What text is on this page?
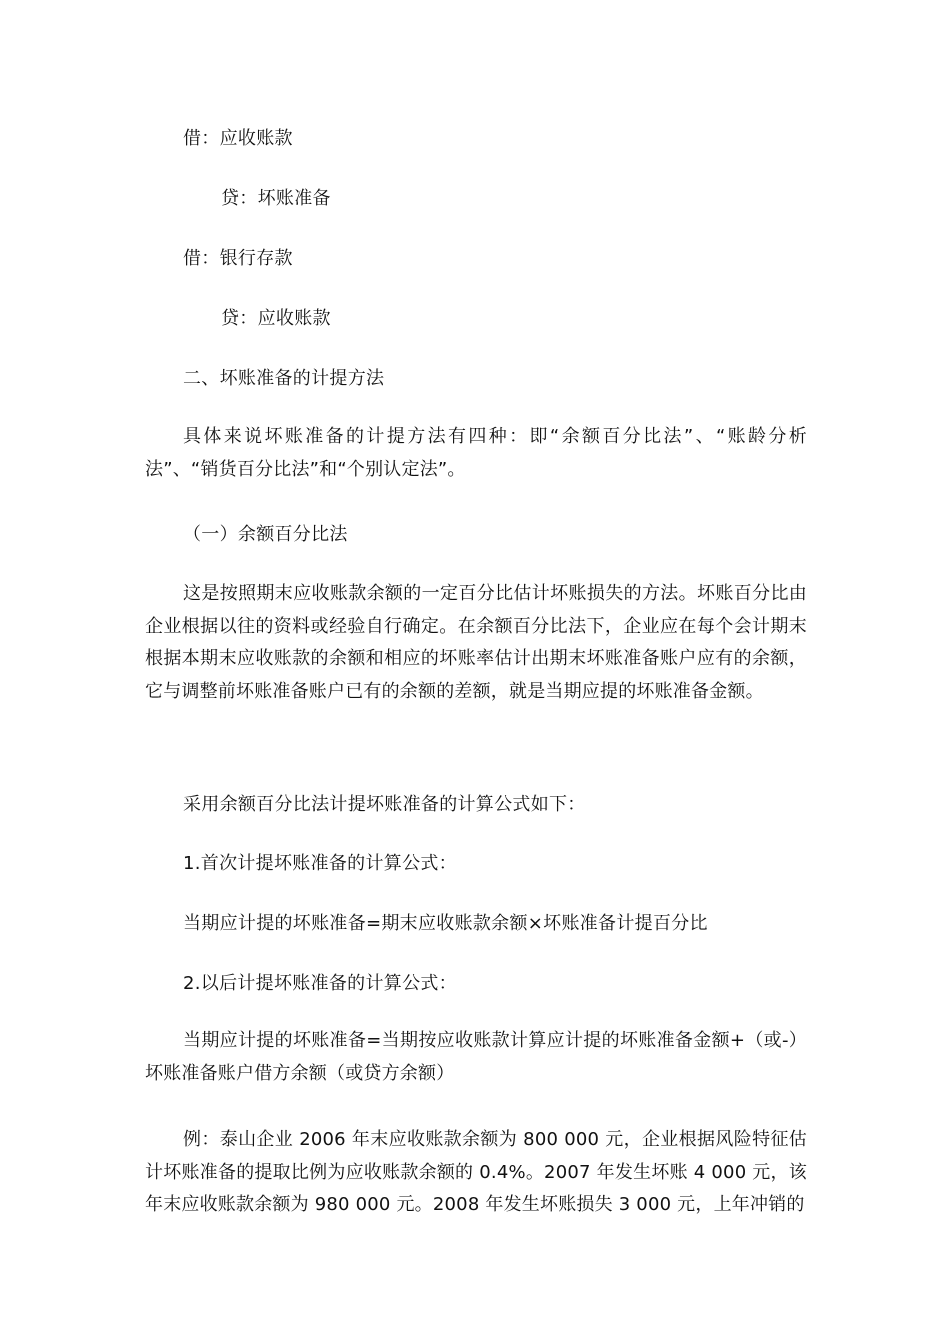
借：应收账款
贷：坏账准备
借：银行存款
贷：应收账款
二、坏账准备的计提方法
具体来说坏账准备的计提方法有四种：即“余额百分比法”、“账龄分析法”、“销货百分比法”和“个别认定法”。
（一）余额百分比法
这是按照期末应收账款余额的一定百分比估计坏账损失的方法。坏账百分比由企业根据以往的资料或经验自行确定。在余额百分比法下，企业应在每个会计期末根据本期末应收账款的余额和相应的坏账率估计出期末坏账准备账户应有的余额，它与调整前坏账准备账户已有的余额的差额，就是当期应提的坏账准备金额。
采用余额百分比法计提坏账准备的计算公式如下：
1.首次计提坏账准备的计算公式：
当期应计提的坏账准备=期末应收账款余额×坏账准备计提百分比
2.以后计提坏账准备的计算公式：
当期应计提的坏账准备=当期按应收账款计算应计提的坏账准备金额+（或-）坏账准备账户借方余额（或贷方余额）
例：泰山企业 2006 年末应收账款余额为 800 000 元，企业根据风险特征估计坏账准备的提取比例为应收账款余额的 0.4%。2007 年发生坏账 4 000 元，该年末应收账款余额为 980 000 元。2008 年发生坏账损失 3 000 元，上年冲销的
